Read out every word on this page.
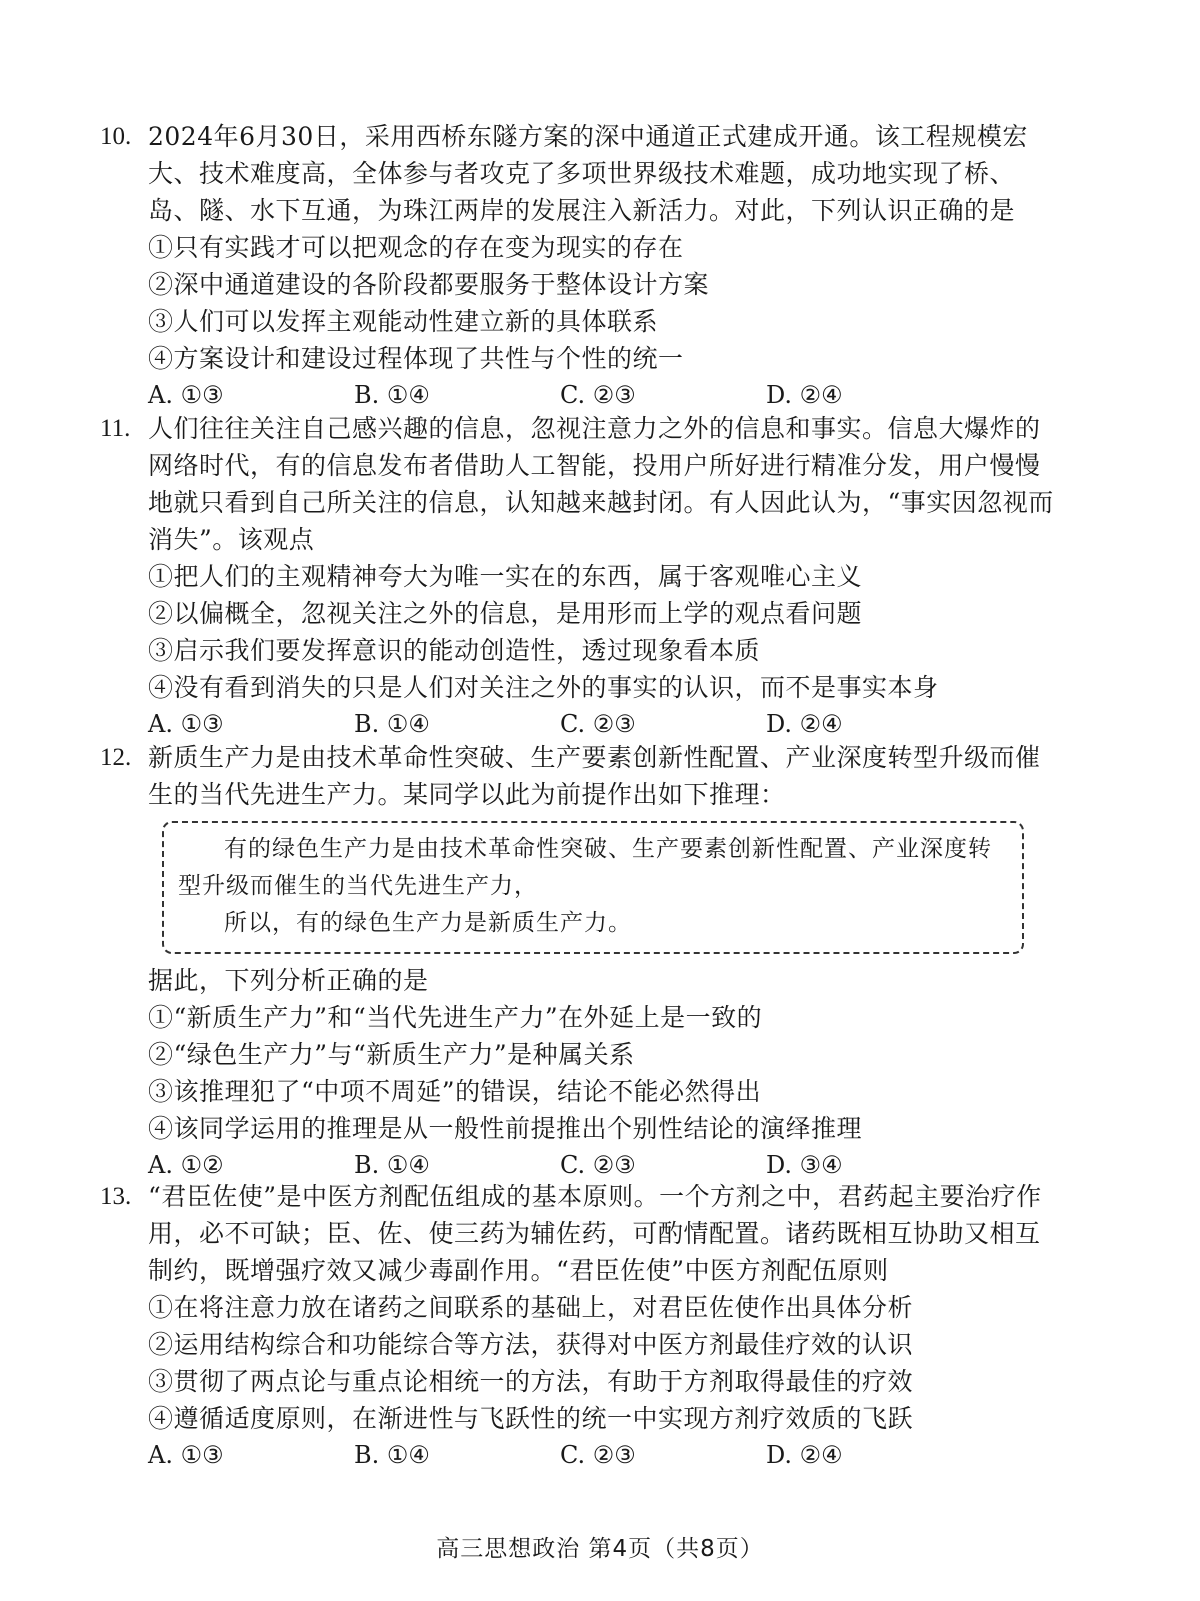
10. 2024年6月30日，采用西桥东隧方案的深中通道正式建成开通。该工程规模宏大、技术难度高，全体参与者攻克了多项世界级技术难题，成功地实现了桥、岛、隧、水下互通，为珠江两岸的发展注入新活力。对此，下列认识正确的是
①只有实践才可以把观念的存在变为现实的存在
②深中通道建设的各阶段都要服务于整体设计方案
③人们可以发挥主观能动性建立新的具体联系
④方案设计和建设过程体现了共性与个性的统一
A. ①③	B. ①④	C. ②③	D. ②④
11. 人们往往关注自己感兴趣的信息，忽视注意力之外的信息和事实。信息大爆炸的网络时代，有的信息发布者借助人工智能，投用户所好进行精准分发，用户慢慢地就只看到自己所关注的信息，认知越来越封闭。有人因此认为，“事实因忽视而消失”。该观点
①把人们的主观精神夸大为唯一实在的东西，属于客观唯心主义
②以偏概全，忽视关注之外的信息，是用形而上学的观点看问题
③启示我们要发挥意识的能动创造性，透过现象看本质
④没有看到消失的只是人们对关注之外的事实的认识，而不是事实本身
A. ①③	B. ①④	C. ②③	D. ②④
12. 新质生产力是由技术革命性突破、生产要素创新性配置、产业深度转型升级而催生的当代先进生产力。某同学以此为前提作出如下推理：
有的绿色生产力是由技术革命性突破、生产要素创新性配置、产业深度转型升级而催生的当代先进生产力，
所以，有的绿色生产力是新质生产力。
据此，下列分析正确的是
①“新质生产力”和“当代先进生产力”在外延上是一致的
②“绿色生产力”与“新质生产力”是种属关系
③该推理犯了“中项不周延”的错误，结论不能必然得出
④该同学运用的推理是从一般性前提推出个别性结论的演绎推理
A. ①②	B. ①④	C. ②③	D. ③④
13. “君臣佐使”是中医方剂配伍组成的基本原则。一个方剂之中，君药起主要治疗作用，必不可缺；臣、佐、使三药为辅佐药，可酌情配置。诸药既相互协助又相互制约，既增强疗效又减少毒副作用。“君臣佐使”中医方剂配伍原则
①在将注意力放在诸药之间联系的基础上，对君臣佐使作出具体分析
②运用结构综合和功能综合等方法，获得对中医方剂最佳疗效的认识
③贯彻了两点论与重点论相统一的方法，有助于方剂取得最佳的疗效
④遵循适度原则，在渐进性与飞跃性的统一中实现方剂疗效质的飞跃
A. ①③	B. ①④	C. ②③	D. ②④
高三思想政治 第4页（共8页）
